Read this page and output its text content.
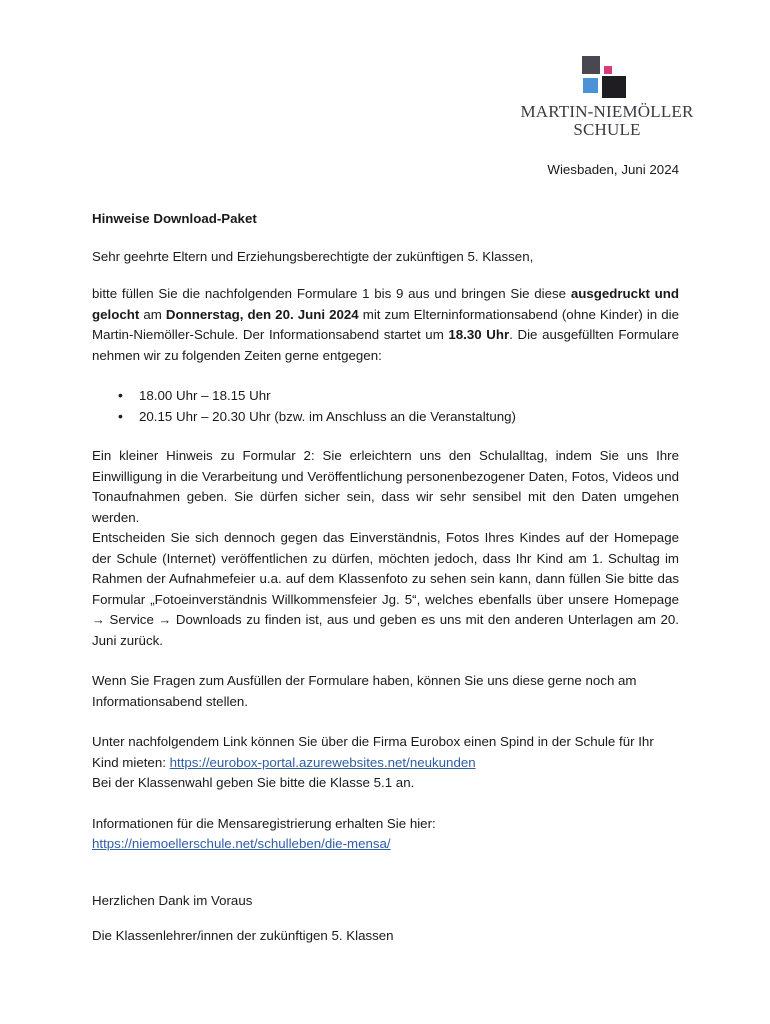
MARTIN-NIEMÖLLER
SCHULE
Wiesbaden, Juni 2024

Hinweise Download-Paket

Sehr geehrte Eltern und Erziehungsberechtigte der zukünftigen 5. Klassen,

bitte füllen Sie die nachfolgenden Formulare 1 bis 9 aus und bringen Sie diese ausgedruckt und gelocht am Donnerstag, den 20. Juni 2024 mit zum Elterninformationsabend (ohne Kinder) in die Martin-Niemöller-Schule. Der Informationsabend startet um 18.30 Uhr. Die ausgefüllten Formulare nehmen wir zu folgenden Zeiten gerne entgegen:

• 18.00 Uhr – 18.15 Uhr
• 20.15 Uhr – 20.30 Uhr (bzw. im Anschluss an die Veranstaltung)

Ein kleiner Hinweis zu Formular 2: Sie erleichtern uns den Schulalltag, indem Sie uns Ihre Einwilligung in die Verarbeitung und Veröffentlichung personenbezogener Daten, Fotos, Videos und Tonaufnahmen geben. Sie dürfen sicher sein, dass wir sehr sensibel mit den Daten umgehen werden.

Entscheiden Sie sich dennoch gegen das Einverständnis, Fotos Ihres Kindes auf der Homepage der Schule (Internet) veröffentlichen zu dürfen, möchten jedoch, dass Ihr Kind am 1. Schultag im Rahmen der Aufnahmefeier u.a. auf dem Klassenfoto zu sehen sein kann, dann füllen Sie bitte das Formular „Fotoeinverständnis Willkommensfeier Jg. 5“, welches ebenfalls über unsere Homepage → Service → Downloads zu finden ist, aus und geben es uns mit den anderen Unterlagen am 20. Juni zurück.

Wenn Sie Fragen zum Ausfüllen der Formulare haben, können Sie uns diese gerne noch am Informationsabend stellen.

Unter nachfolgendem Link können Sie über die Firma Eurobox einen Spind in der Schule für Ihr Kind mieten: https://eurobox-portal.azurewebsites.net/neukunden
Bei der Klassenwahl geben Sie bitte die Klasse 5.1 an.

Informationen für die Mensaregistrierung erhalten Sie hier:
https://niemoellerschule.net/schulleben/die-mensa/

Herzlichen Dank im Voraus

Die Klassenlehrer/innen der zukünftigen 5. Klassen
